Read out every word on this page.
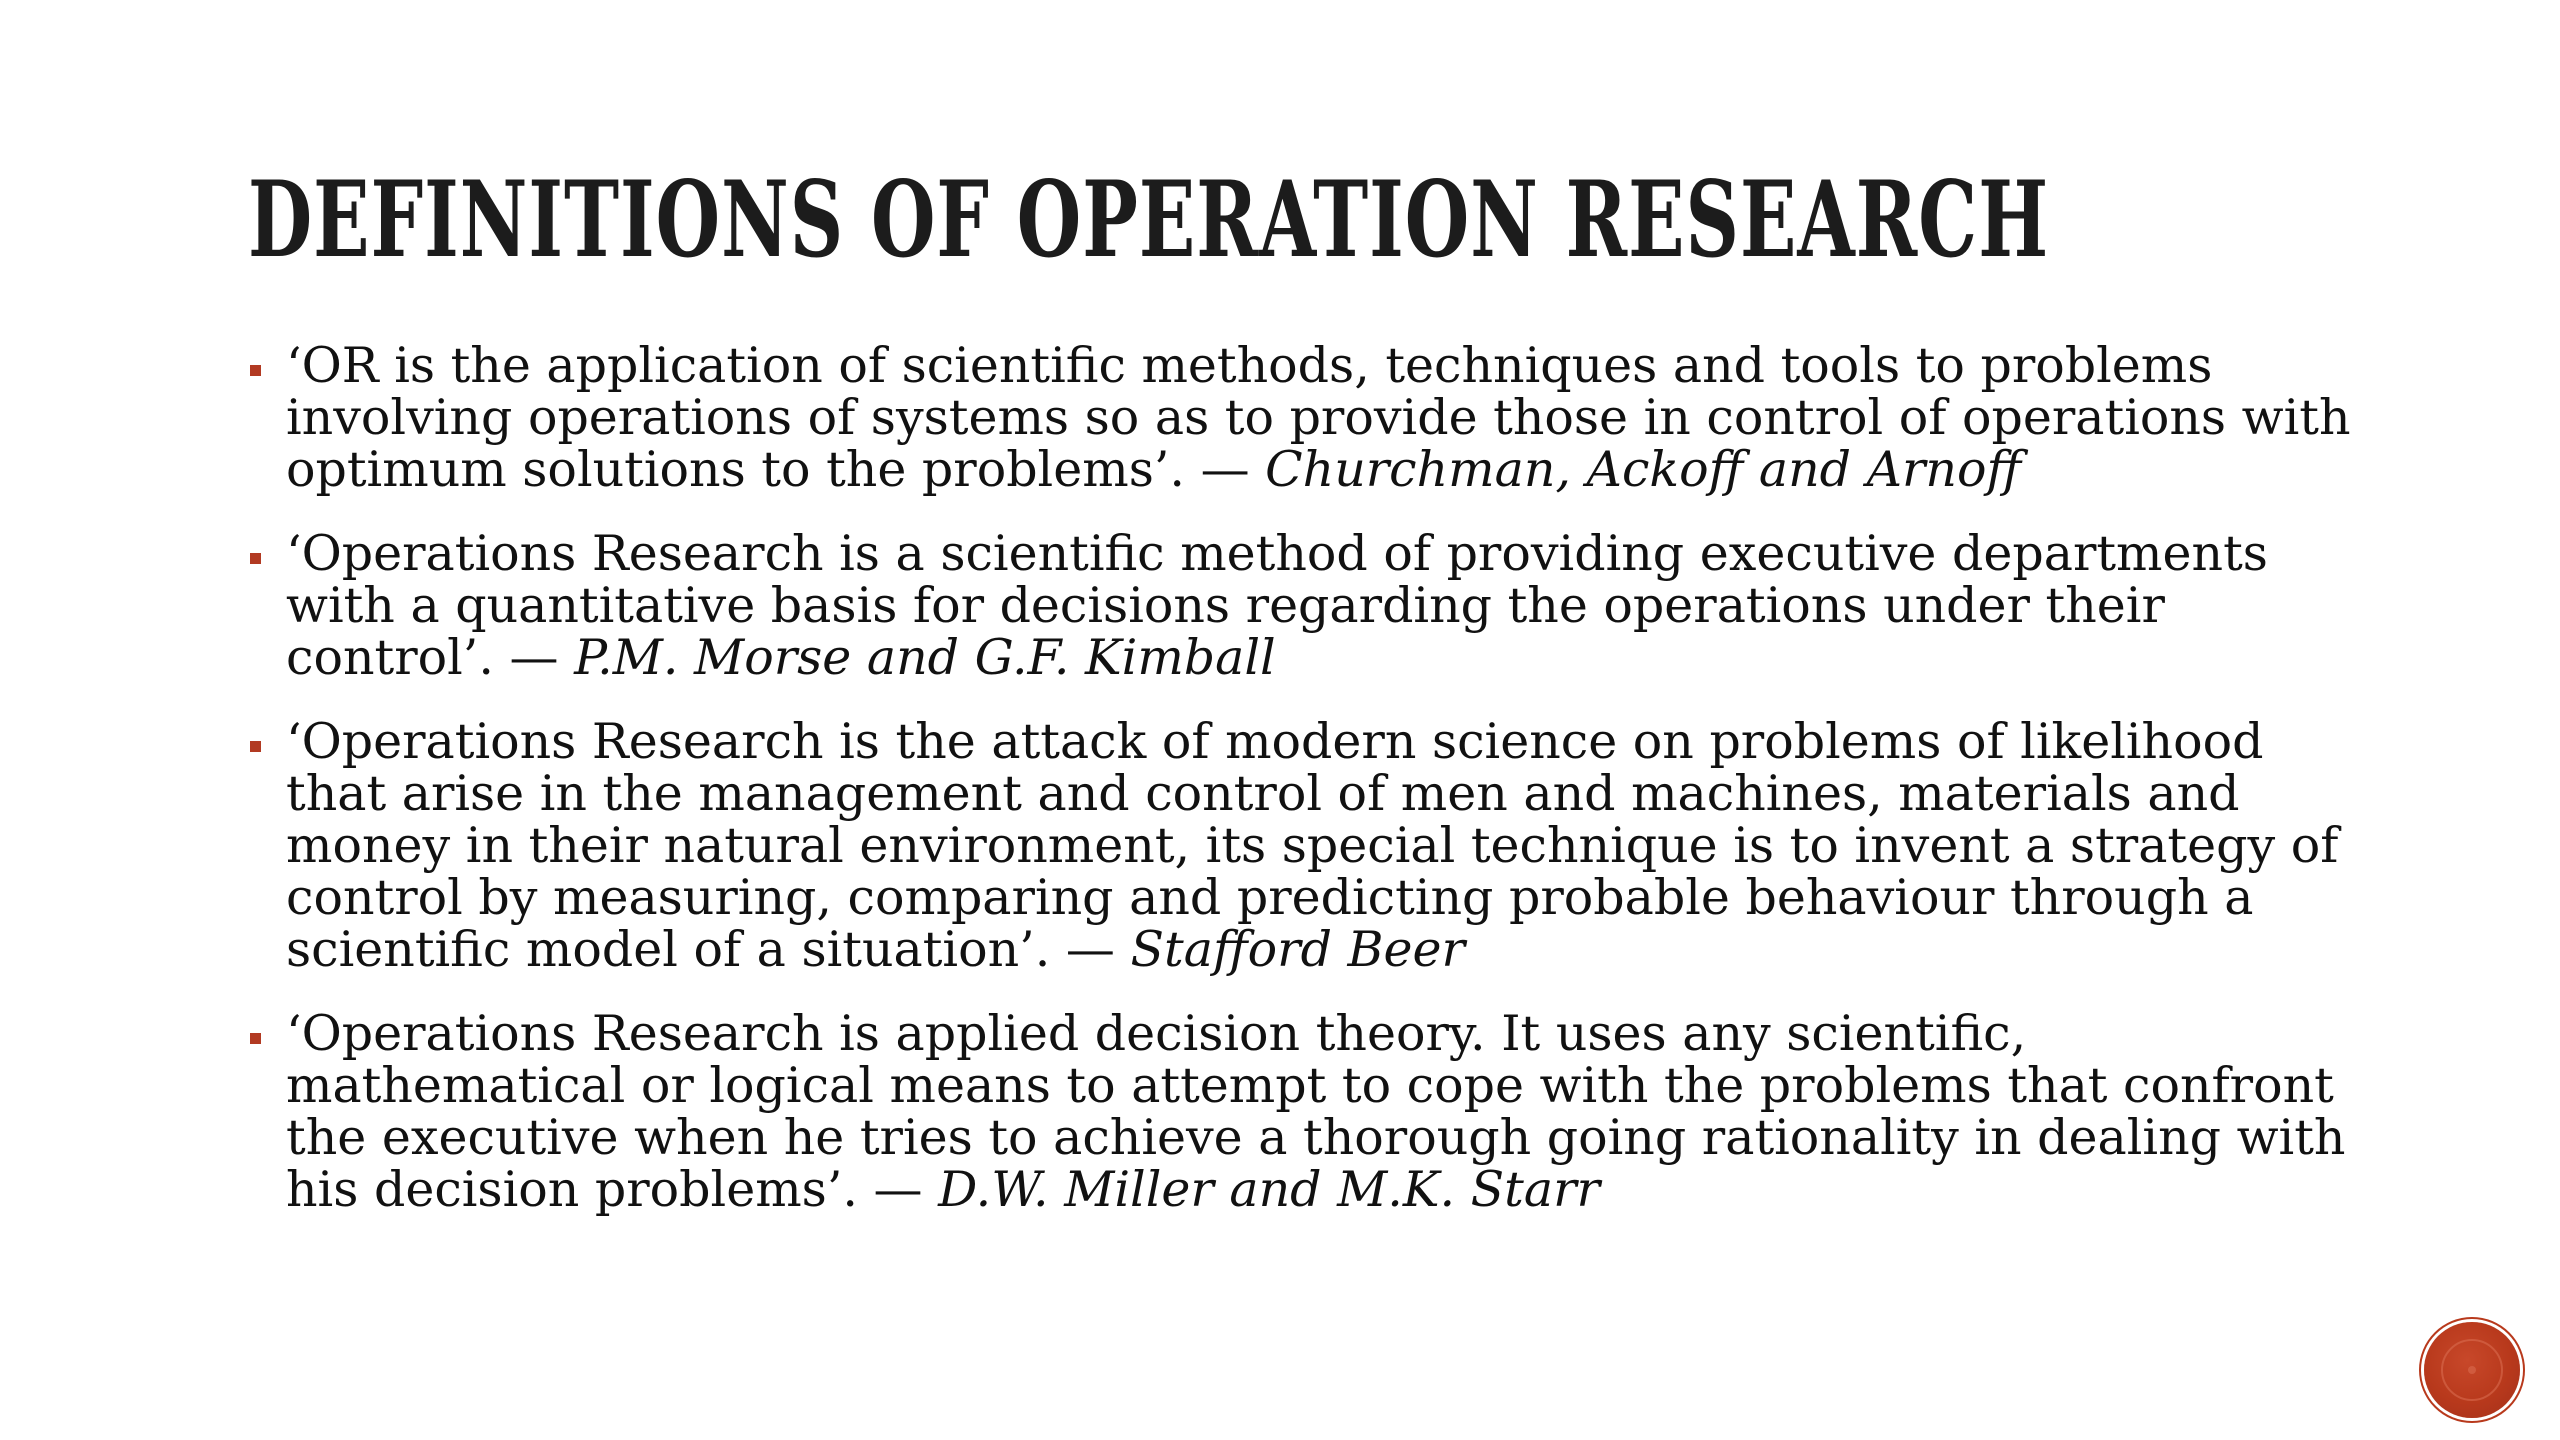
DEFINITIONS OF OPERATION RESEARCH
‘OR is the application of scientific methods, techniques and tools to problems involving operations of systems so as to provide those in control of operations with optimum solutions to the problems’. — Churchman, Ackoff and Arnoff
‘Operations Research is a scientific method of providing executive departments with a quantitative basis for decisions regarding the operations under their control’. — P.M. Morse and G.F. Kimball
‘Operations Research is the attack of modern science on problems of likelihood that arise in the management and control of men and machines, materials and money in their natural environment, its special technique is to invent a strategy of control by measuring, comparing and predicting probable behaviour through a scientific model of a situation’. — Stafford Beer
‘Operations Research is applied decision theory. It uses any scientific, mathematical or logical means to attempt to cope with the problems that confront the executive when he tries to achieve a thorough going rationality in dealing with his decision problems’. — D.W. Miller and M.K. Starr
